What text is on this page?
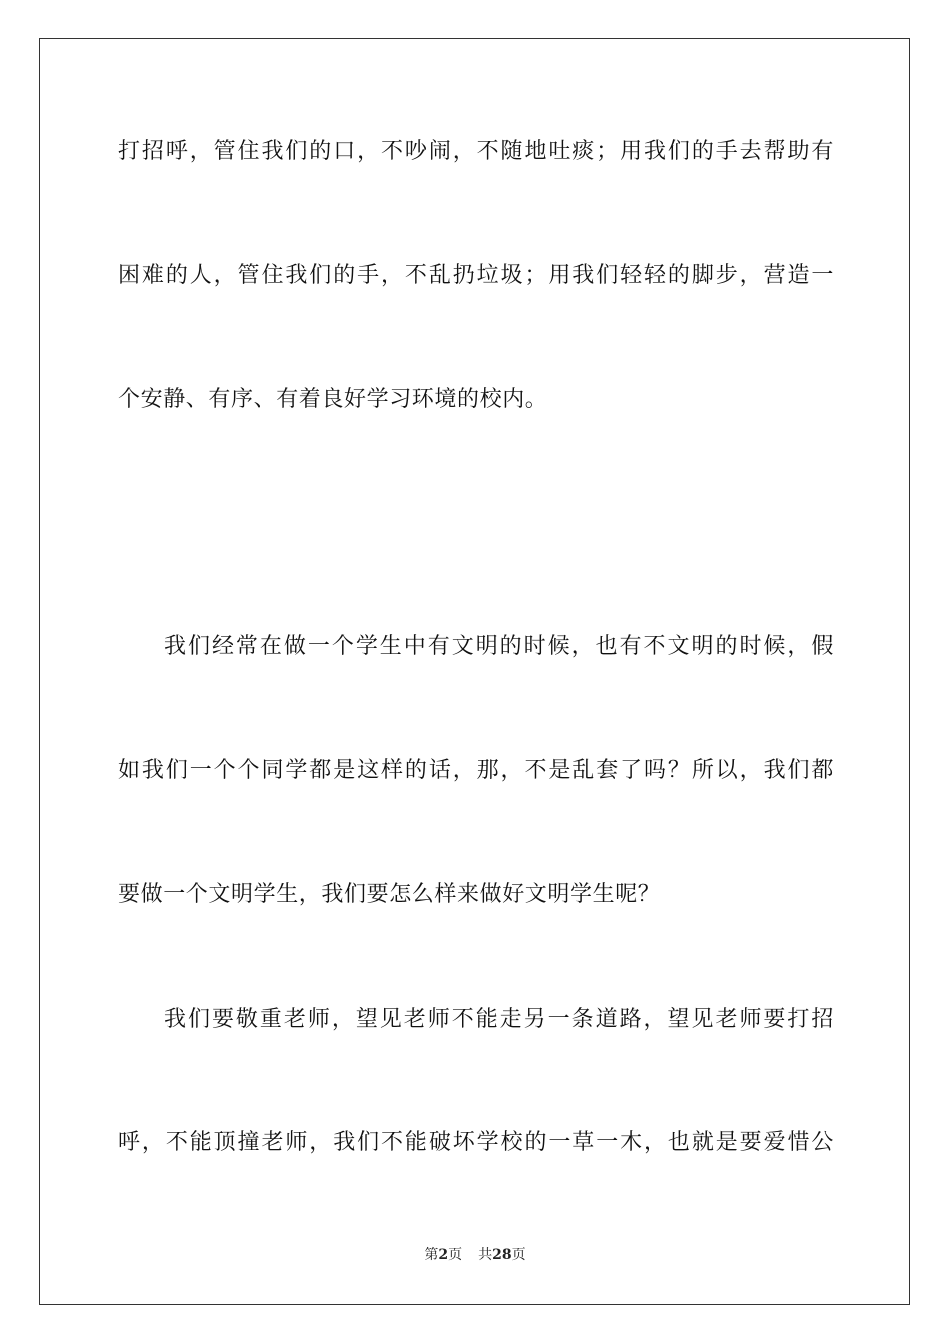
打招呼，管住我们的口，不吵闹，不随地吐痰；用我们的手去帮助有
困难的人，管住我们的手，不乱扔垃圾；用我们轻轻的脚步，营造一
个安静、有序、有着良好学习环境的校内。
我们经常在做一个学生中有文明的时候，也有不文明的时候，假
如我们一个个同学都是这样的话，那，不是乱套了吗？所以，我们都
要做一个文明学生，我们要怎么样来做好文明学生呢？
我们要敬重老师，望见老师不能走另一条道路，望见老师要打招
呼，不能顶撞老师，我们不能破坏学校的一草一木，也就是要爱惜公
第2页 共28页
